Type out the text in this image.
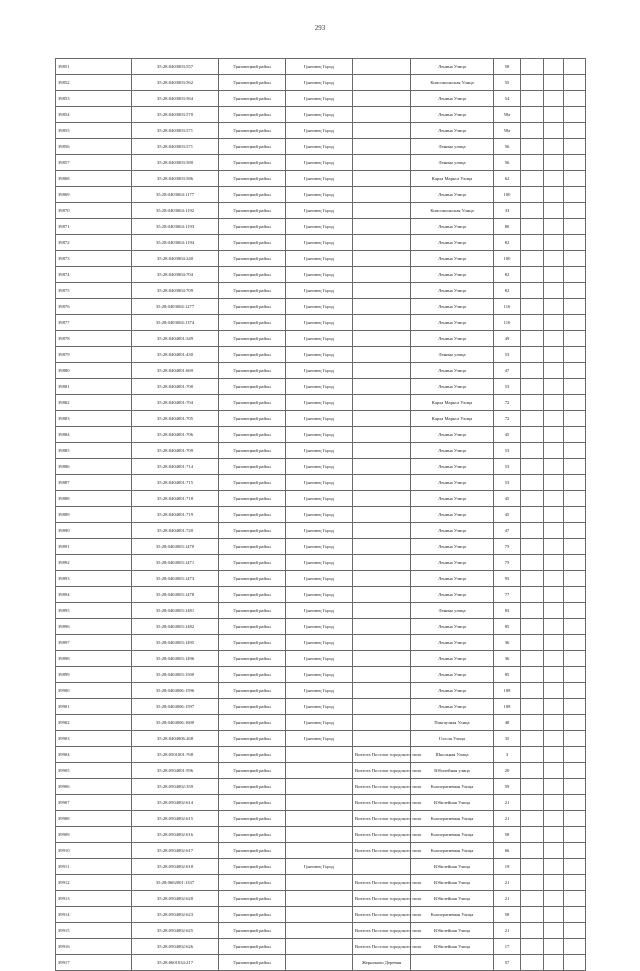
293
39851	35:28:0403003:557	Грязовецкий район	Грязовец Город		Ленина Улица	58			
39852	35:28:0403003:562	Грязовецкий район	Грязовец Город		Комсомольская Улица	55			
39853	35:28:0403003:564	Грязовецкий район	Грязовец Город		Ленина Улица	54			
39854	35:28:0403003:570	Грязовецкий район	Грязовец Город		Ленина Улица	58а			
39855	35:28:0403003:571	Грязовецкий район	Грязовец Город		Ленина Улица	58а			
39856	35:28:0403003:571	Грязовецкий район	Грязовец Город		Ленина улица	56			
39857	35:28:0403003:580	Грязовецкий район	Грязовец Город		Ленина улица	56			
39868	35:28:0403003:586	Грязовецкий район	Грязовец Город		Карла Маркса Улица	62			
39869	35:28:0403004:1177	Грязовецкий район	Грязовец Город		Ленина Улица	100			
39870	35:28:0403004:1192	Грязовецкий район	Грязовец Город		Комсомольская Улица	33			
39871	35:28:0403004:1193	Грязовецкий район	Грязовец Город		Ленина Улица	80			
39872	35:28:0403004:1194	Грязовецкий район	Грязовец Город		Ленина Улица	82			
39873	35:28:0403004:240	Грязовецкий район	Грязовец Город		Ленина Улица	100			
39874	35:28:0403004:704	Грязовецкий район	Грязовец Город		Ленина Улица	82			
39875	35:28:0403004:709	Грязовецкий район	Грязовец Город		Ленина Улица	82			
39876	35:28:0403004:1277	Грязовецкий район	Грязовец Город		Ленина Улица	116			
39877	35:28:0403004:1374	Грязовецкий район	Грязовец Город		Ленина Улица	110			
39878	35:28:0404001:349	Грязовецкий район	Грязовец Город		Ленина Улица	49			
39879	35:28:0404001:430	Грязовецкий район	Грязовец Город		Ленина улица	53			
39880	35:28:0404001:669	Грязовецкий район	Грязовец Город		Ленина Улица	47			
39881	35:28:0404001:700	Грязовецкий район	Грязовец Город		Ленина Улица	53			
39882	35:28:0404001:704	Грязовецкий район	Грязовец Город		Карла Маркса Улица	72			
39883	35:28:0404001:705	Грязовецкий район	Грязовец Город		Карла Маркса Улица	72			
39884	35:28:0404001:706	Грязовецкий район	Грязовец Город		Ленина Улица	45			
39885	35:28:0404001:709	Грязовецкий район	Грязовец Город		Ленина Улица	53			
39886	35:28:0404001:714	Грязовецкий район	Грязовец Город		Ленина Улица	53			
39887	35:28:0404001:715	Грязовецкий район	Грязовец Город		Ленина Улица	53			
39888	35:28:0404001:718	Грязовецкий район	Грязовец Город		Ленина Улица	45			
39889	35:28:0404001:719	Грязовецкий район	Грязовец Город		Ленина Улица	45			
39890	35:28:0404001:720	Грязовецкий район	Грязовец Город		Ленина Улица	47			
39891	35:28:0404003:1470	Грязовецкий район	Грязовец Город		Ленина Улица	75			
39892	35:28:0404003:1471	Грязовецкий район	Грязовец Город		Ленина Улица	75			
39893	35:28:0404003:1473	Грязовецкий район	Грязовец Город		Ленина Улица	95			
39894	35:28:0404003:1478	Грязовецкий район	Грязовец Город		Ленина Улица	77			
39895	35:28:0404003:1481	Грязовецкий район	Грязовец Город		Ленина улица	83			
39896	35:28:0404003:1482	Грязовецкий район	Грязовец Город		Ленина Улица	85			
39897	35:28:0404003:1495	Грязовецкий район	Грязовец Город		Ленина Улица	36			
39898	35:28:0404003:1496	Грязовецкий район	Грязовец Город		Ленина Улица	36			
39899	35:28:0404003:1500	Грязовецкий район	Грязовец Город		Ленина Улица	85			
39900	35:28:0404006:1596	Грязовецкий район	Грязовец Город		Ленина Улица	108			
39901	35:28:0404006:1597	Грязовецкий район	Грязовец Город		Ленина Улица	108			
39902	35:28:0404006:1600	Грязовецкий район	Грязовец Город		Пакгаузная Улица	48			
39903	35:28:0404006:268	Грязовецкий район	Грязовец Город		Гоголя Улица	35			
39904	35:28:0501001:768	Грязовецкий район		Вохтога Поселок городского типа	Школьная Улица	3			
39905	35:28:0504001:596	Грязовецкий район		Вохтога Поселок городского типа	Юбилейная улица	20			
39906	35:28:0504002:359	Грязовецкий район		Вохтога Поселок городского типа	Кооперативная Улица	59			
39907	35:28:0504002:614	Грязовецкий район		Вохтога Поселок городского типа	Юбилейная Улица	21			
39908	35:28:0504002:615	Грязовецкий район		Вохтога Поселок городского типа	Кооперативная Улица	21			
39909	35:28:0504002:616	Грязовецкий район		Вохтога Поселок городского типа	Кооперативная Улица	58			
39910	35:28:0504002:617	Грязовецкий район		Вохтога Поселок городского типа	Кооперативная Улица	66			
39911	35:28:0504002:618	Грязовецкий район	Грязовец Город		Юбилейная Улица	19			
39912	35:28:0602001:1337	Грязовецкий район		Вохтога Поселок городского типа	Юбилейная Улица	21			
39913	35:28:0504002:620	Грязовецкий район		Вохтога Поселок городского типа	Юбилейная Улица	21			
39914	35:28:0504002:623	Грязовецкий район		Вохтога Поселок городского типа	Кооперативная Улица	58			
39915	35:28:0504002:625	Грязовецкий район		Вохтога Поселок городского типа	Юбилейная Улица	21			
39916	35:28:0504002:626	Грязовецкий район		Вохтога Поселок городского типа	Юбилейная Улица	17			
39917	35:28:0601034:217	Грязовецкий район		Жерноково Деревня		57			
